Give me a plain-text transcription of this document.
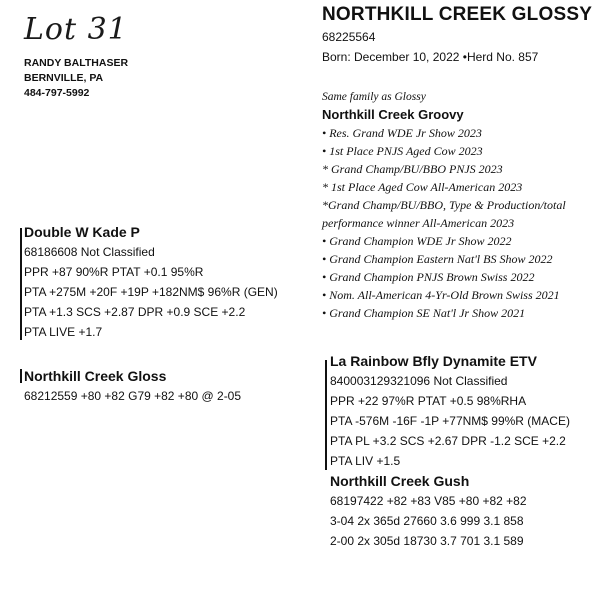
Lot 31
RANDY BALTHASER
BERNVILLE, PA
484-797-5992
NORTHKILL CREEK GLOSSY
68225564
Born: December 10, 2022 •Herd No. 857
Same family as Glossy
Northkill Creek Groovy
• Res. Grand WDE Jr Show 2023
• 1st Place PNJS Aged Cow 2023
* Grand Champ/BU/BBO PNJS 2023
* 1st Place Aged Cow All-American 2023
*Grand Champ/BU/BBO, Type & Production/total performance winner All-American 2023
• Grand Champion WDE Jr Show 2022
• Grand Champion Eastern Nat'l BS Show 2022
• Grand Champion PNJS Brown Swiss 2022
• Nom. All-American 4-Yr-Old Brown Swiss 2021
• Grand Champion SE Nat'l Jr Show 2021
Double W Kade P
68186608 Not Classified
PPR +87 90%R PTAT +0.1 95%R
PTA +275M +20F +19P +182NM$ 96%R (GEN)
PTA +1.3 SCS +2.87 DPR +0.9 SCE +2.2
PTA LIVE +1.7
Northkill Creek Gloss
68212559 +80 +82 G79 +82 +80 @ 2-05
La Rainbow Bfly Dynamite ETV
840003129321096 Not Classified
PPR +22 97%R PTAT +0.5 98%RHA
PTA -576M -16F -1P +77NM$ 99%R (MACE)
PTA PL +3.2 SCS +2.67 DPR -1.2 SCE +2.2
PTA LIV +1.5
Northkill Creek Gush
68197422 +82 +83 V85 +80 +82 +82
3-04 2x 365d 27660 3.6 999 3.1 858
2-00 2x 305d 18730 3.7 701 3.1 589
